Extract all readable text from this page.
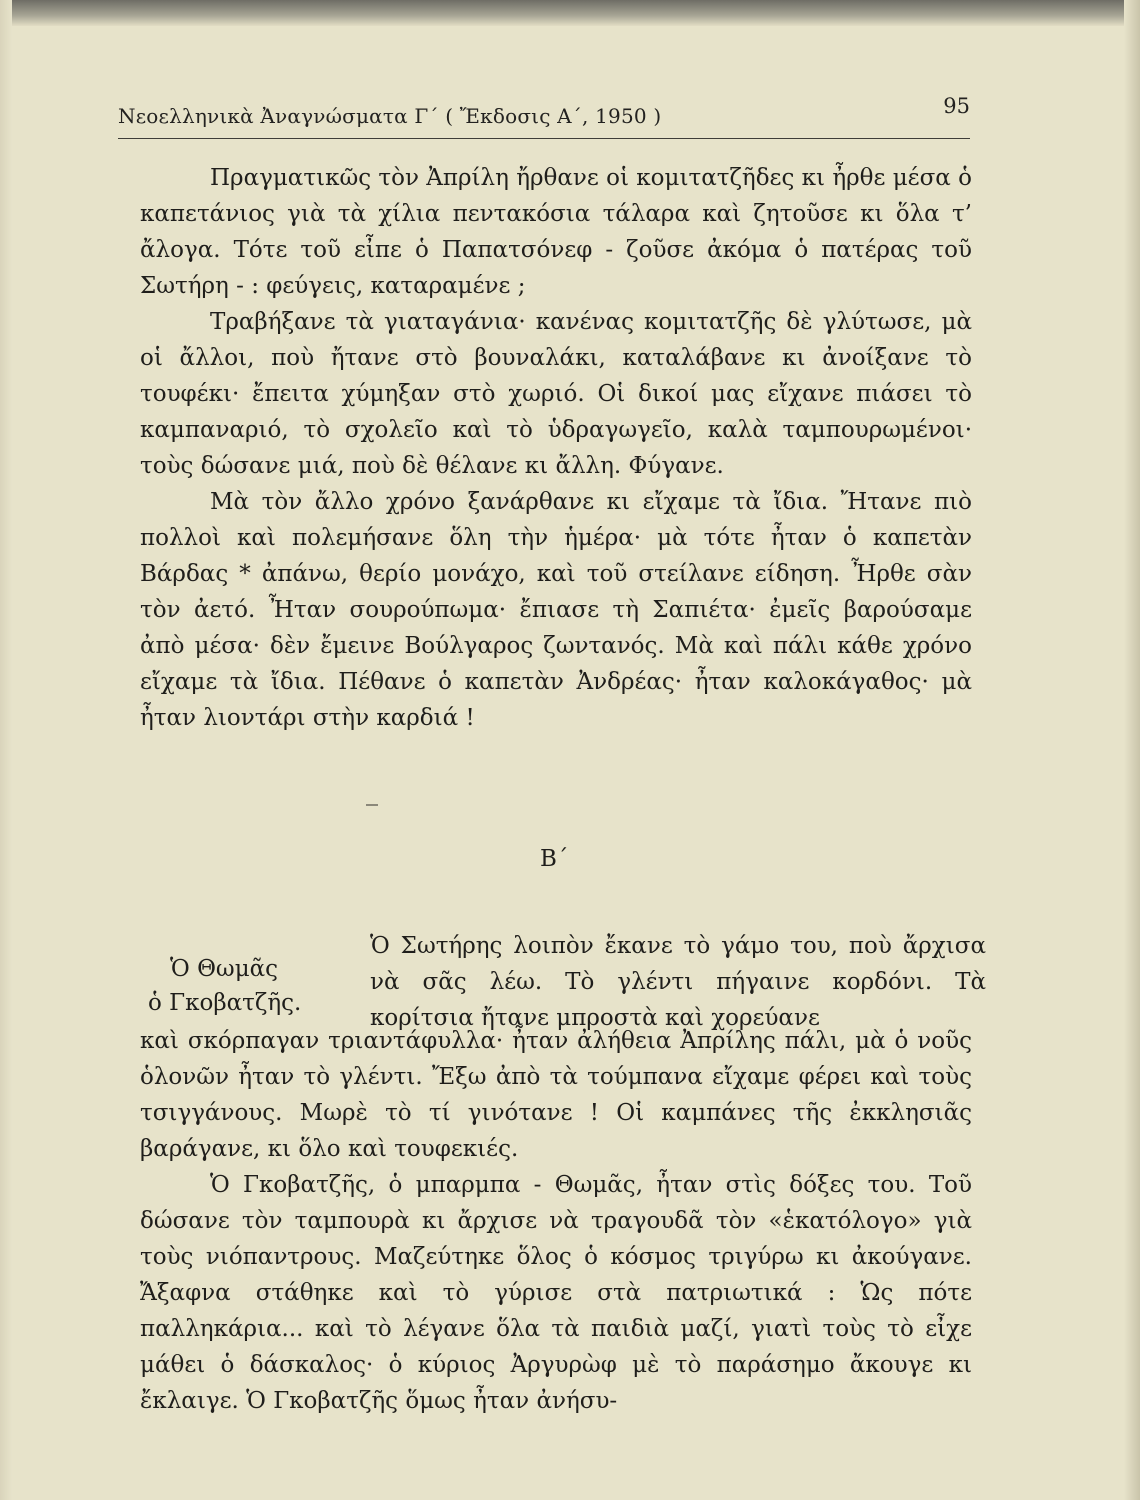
Νεοελληνικὰ Ἀναγνώσματα Γ΄ ( Ἔκδοσις Α΄, 1950 )	95

Πραγματικῶς τὸν Ἀπρίλη ἤρθανε οἱ κομιτατζῆδες κι ἦρθε μέσα ὁ καπετάνιος γιὰ τὰ χίλια πεντακόσια τάλαρα καὶ ζητοῦσε κι ὅλα τ’ ἄλογα. Τότε τοῦ εἶπε ὁ Παπατσόνεφ - ζοῦσε ἀκόμα ὁ πατέρας τοῦ Σωτήρη - : φεύγεις, καταραμένε ;

Τραβήξανε τὰ γιαταγάνια· κανένας κομιτατζῆς δὲ γλύτωσε, μὰ οἱ ἄλλοι, ποὺ ἤτανε στὸ βουναλάκι, καταλάβανε κι ἀνοίξανε τὸ τουφέκι· ἔπειτα χύμηξαν στὸ χωριό. Οἱ δικοί μας εἴχανε πιάσει τὸ καμπαναριό, τὸ σχολεῖο καὶ τὸ ὑδραγωγεῖο, καλὰ ταμπουρωμένοι· τοὺς δώσανε μιά, ποὺ δὲ θέλανε κι ἄλλη. Φύγανε.

Μὰ τὸν ἄλλο χρόνο ξανάρθανε κι εἴχαμε τὰ ἴδια. Ἤτανε πιὸ πολλοὶ καὶ πολεμήσανε ὅλη τὴν ἡμέρα· μὰ τότε ἦταν ὁ καπετὰν Βάρδας * ἀπάνω, θερίο μονάχο, καὶ τοῦ στείλανε είδηση. Ἦρθε σὰν τὸν ἀετό. Ἦταν σουρούπωμα· ἔπιασε τὴ Σαπιέτα· ἐμεῖς βαρούσαμε ἀπὸ μέσα· δὲν ἔμεινε Βούλγαρος ζωντανός. Μὰ καὶ πάλι κάθε χρόνο εἴχαμε τὰ ἴδια. Πέθανε ὁ καπετὰν Ἀνδρέας· ἦταν καλοκάγαθος· μὰ ἦταν λιοντάρι στὴν καρδιά !

Β΄
Ὁ Θωμᾶς
ὁ Γκοβατζῆς.

Ὁ Σωτήρης λοιπὸν ἔκανε τὸ γάμο του, ποὺ ἄρχισα νὰ σᾶς λέω. Τὸ γλέντι πήγαινε κορδόνι. Τὰ κορίτσια ἤτανε μπροστὰ καὶ χορεύανε

καὶ σκόρπαγαν τριαντάφυλλα· ἦταν ἀλήθεια Ἀπρίλης πάλι, μὰ ὁ νοῦς ὁλονῶν ἦταν τὸ γλέντι. Ἔξω ἀπὸ τὰ τούμπανα εἴχαμε φέρει καὶ τοὺς τσιγγάνους. Μωρὲ τὸ τί γινότανε ! Οἱ καμπάνες τῆς ἐκκλησιᾶς βαράγανε, κι ὅλο καὶ τουφεκιές.

Ὁ Γκοβατζῆς, ὁ μπαρμπα - Θωμᾶς, ἦταν στὶς δόξες του. Τοῦ δώσανε τὸν ταμπουρὰ κι ἄρχισε νὰ τραγουδᾶ τὸν «ἑκατόλογο» γιὰ τοὺς νιόπαντρους. Μαζεύτηκε ὅλος ὁ κόσμος τριγύρω κι ἀκούγανε. Ἄξαφνα στάθηκε καὶ τὸ γύρισε στὰ πατριωτικά : Ὡς πότε παλληκάρια... καὶ τὸ λέγανε ὅλα τὰ παιδιὰ μαζί, γιατὶ τοὺς τὸ εἶχε μάθει ὁ δάσκαλος· ὁ κύριος Ἀργυρὼφ μὲ τὸ παράσημο ἄκουγε κι ἔκλαιγε. Ὁ Γκοβατζῆς ὅμως ἦταν ἀνήσυ-
